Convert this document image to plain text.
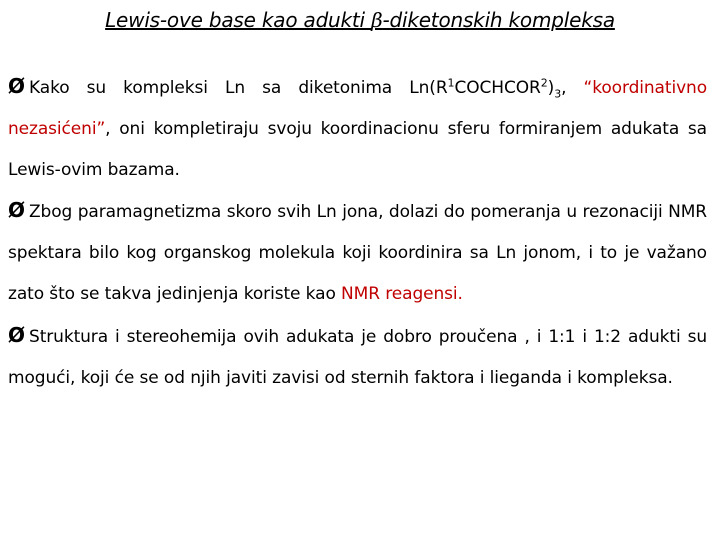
Lewis-ove base kao adukti β-diketonskih kompleksa

Ø Kako su kompleksi Ln sa diketonima $Ln(R^1COCHCOR^2)_3$, “koordinativno nezasićeni”, oni kompletiraju svoju koordinacionu sferu formiranjem adukata sa Lewis-ovim bazama.

Ø Zbog paramagnetizma skoro svih Ln jona, dolazi do pomeranja u rezonaciji NMR spektara bilo kog organskog molekula koji koordinira sa Ln jonom, i to je važano zato što se takva jedinjenja koriste kao NMR reagensi.

Ø Struktura i stereohemija ovih adukata je dobro proučena , i 1:1 i 1:2 adukti su mogući, koji će se od njih javiti zavisi od sternih faktora i lieganda i kompleksa.
